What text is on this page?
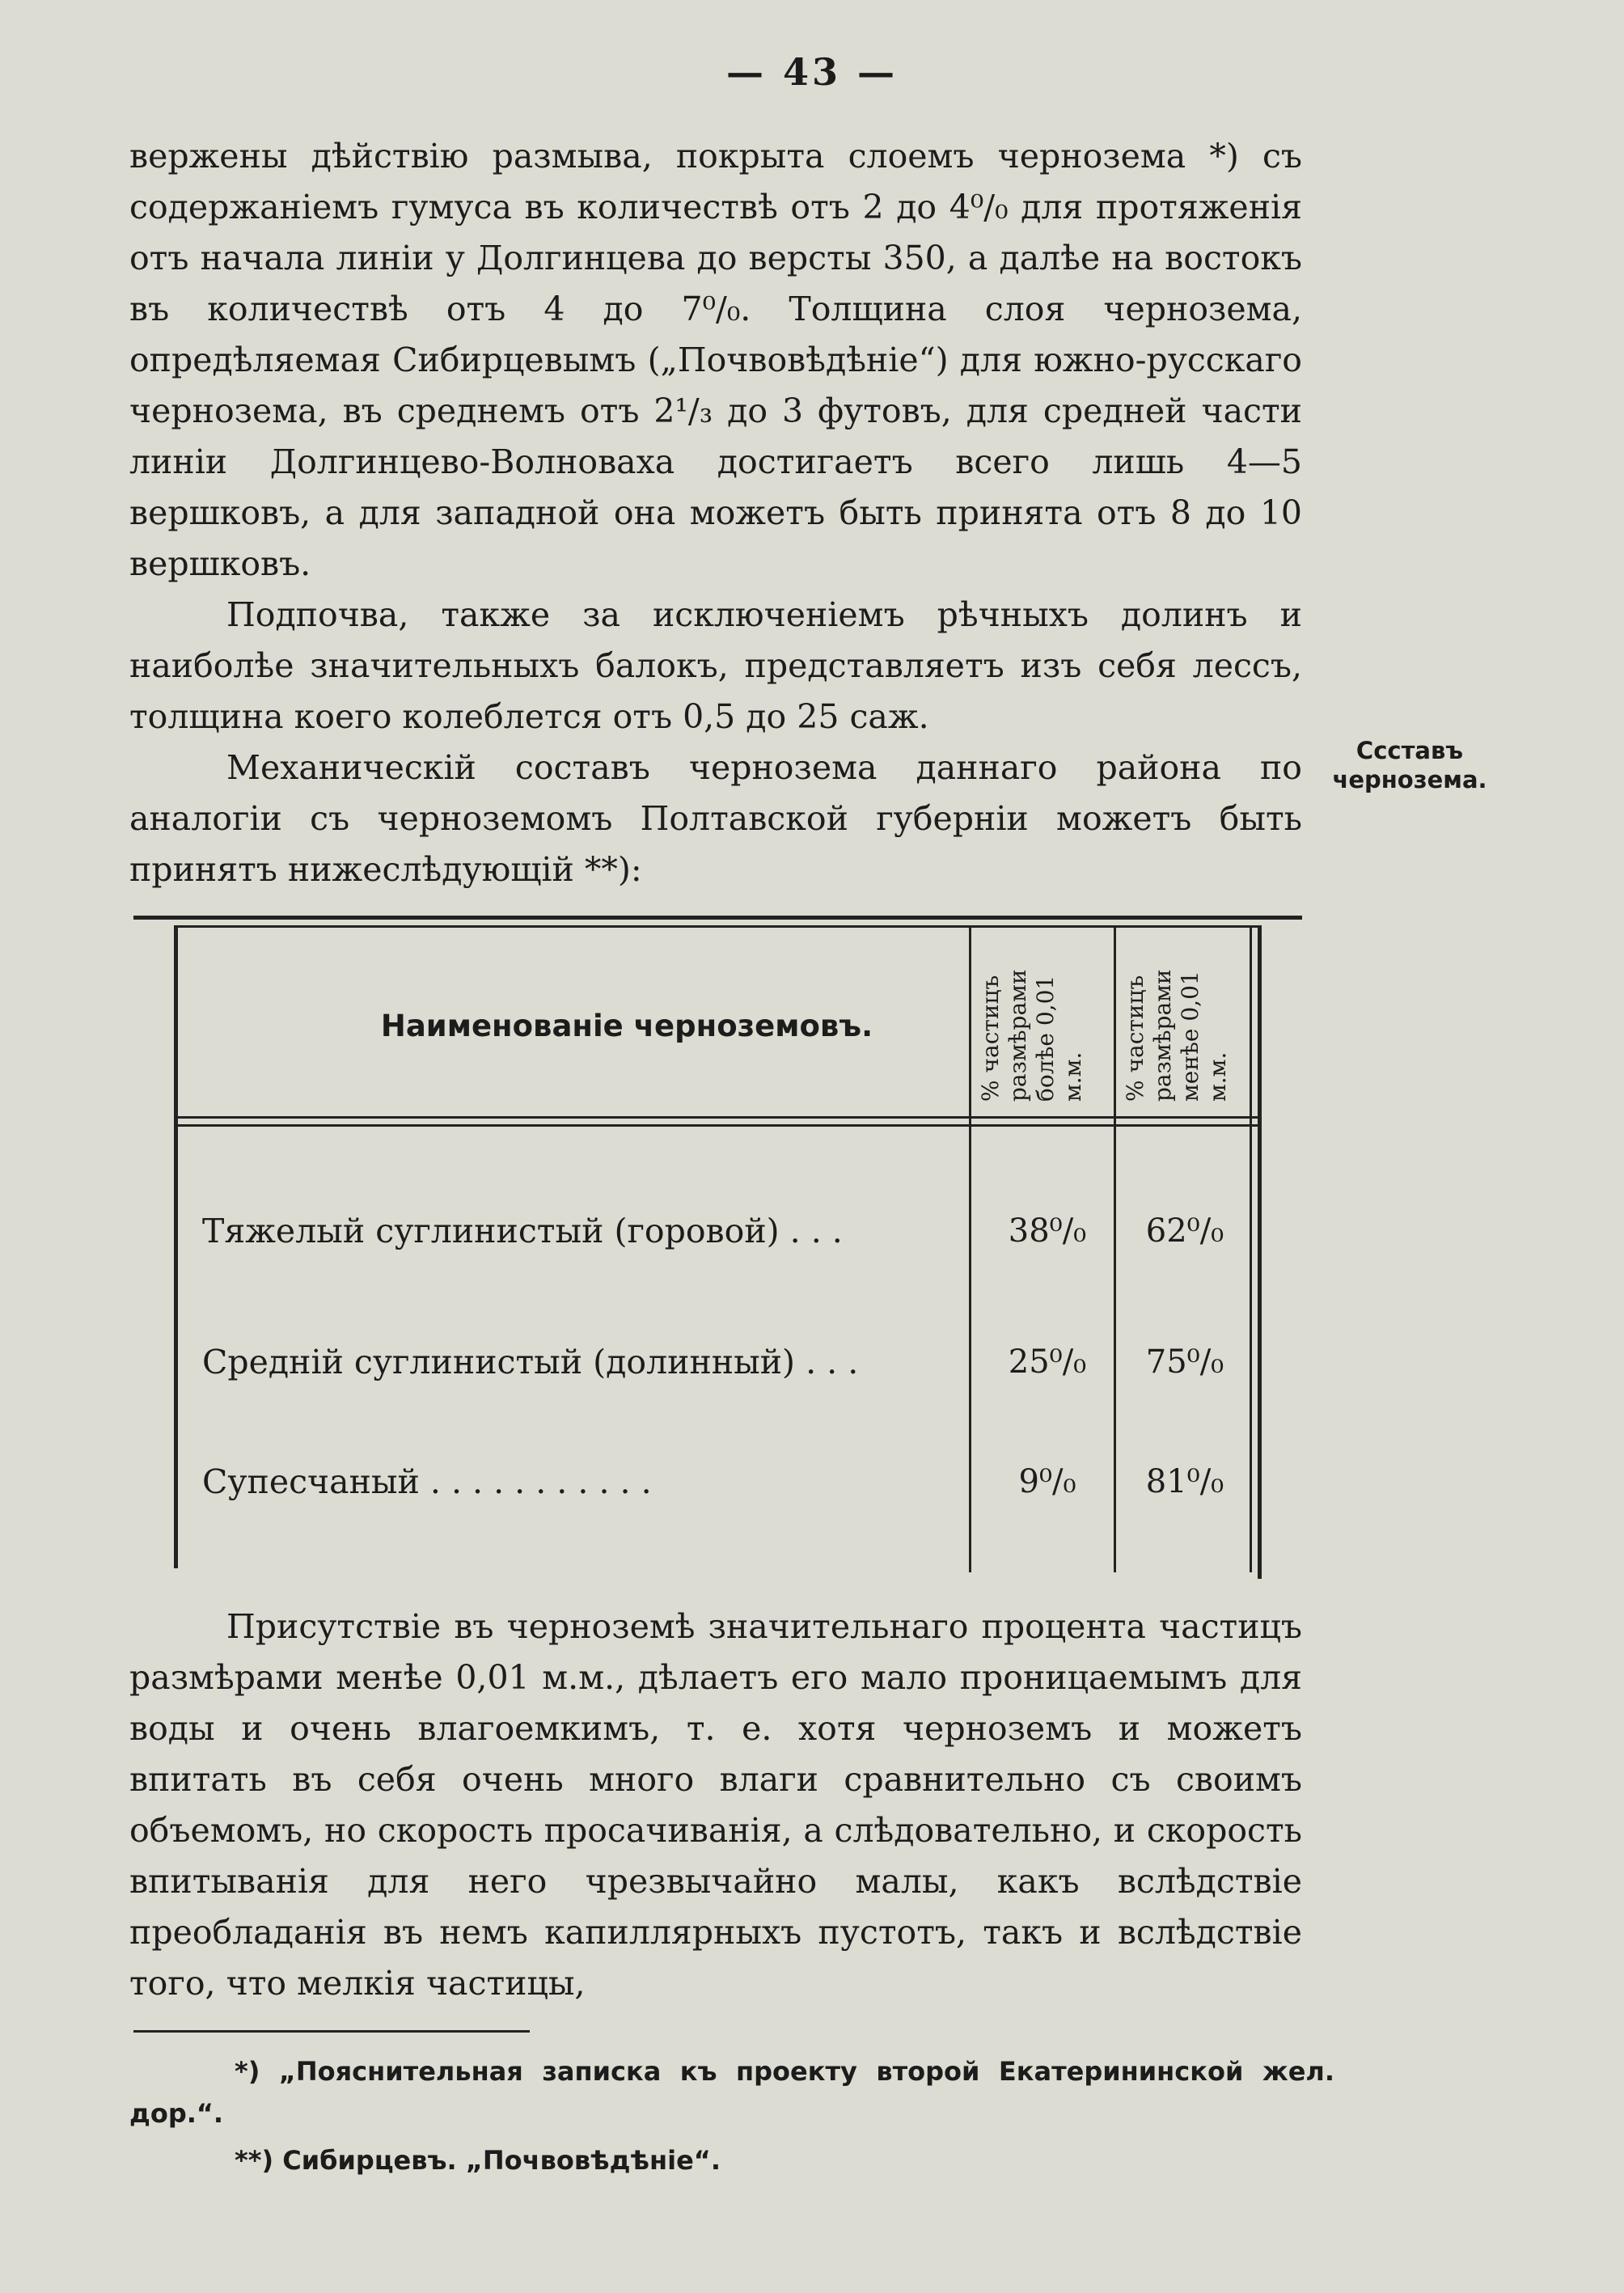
— 43 —

вержены дѣйствію размыва, покрыта слоемъ чернозема *) съ содержаніемъ гумуса въ количествѣ отъ 2 до 4⁰/₀ для протяженія отъ начала линіи у Долгинцева до версты 350, а далѣе на востокъ въ количествѣ отъ 4 до 7⁰/₀. Толщина слоя чернозема, опредѣляемая Сибирцевымъ („Почвовѣдѣніе“) для южно-русскаго чернозема, въ среднемъ отъ 2¹/₃ до 3 футовъ, для средней части линіи Долгинцево-Волноваха достигаетъ всего лишь 4—5 вершковъ, а для западной она можетъ быть принята отъ 8 до 10 вершковъ.

Подпочва, также за исключеніемъ рѣчныхъ долинъ и наиболѣе значительныхъ балокъ, представляетъ изъ себя лессъ, толщина коего колеблется отъ 0,5 до 25 саж.

Механическій составъ чернозема даннаго района по аналогіи съ черноземомъ Полтавской губерніи можетъ быть принятъ нижеслѣдующій **):

Ссставъ чернозема.
Наименованіе черноземовъ.	% частицъ размѣрами болѣе 0,01 м.м. % частицъ размѣрами менѣе 0,01 м.м.
Тяжелый суглинистый (горовой) . . .	38⁰/₀	62⁰/₀
Средній суглинистый (долинный) . . .	25⁰/₀	75⁰/₀
Супесчаный . . . . . . . . . . .	9⁰/₀	81⁰/₀

Присутствіе въ черноземѣ значительнаго процента частицъ размѣрами менѣе 0,01 м.м., дѣлаетъ его мало проницаемымъ для воды и очень влагоемкимъ, т. е. хотя черноземъ и можетъ впитать въ себя очень много влаги сравнительно съ своимъ объемомъ, но скорость просачиванія, а слѣдовательно, и скорость впитыванія для него чрезвычайно малы, какъ вслѣдствіе преобладанія въ немъ капиллярныхъ пустотъ, такъ и вслѣдствіе того, что мелкія частицы,

*) „Пояснительная записка къ проекту второй Екатерининской жел. дор.“.
**) Сибирцевъ. „Почвовѣдѣніе“.
